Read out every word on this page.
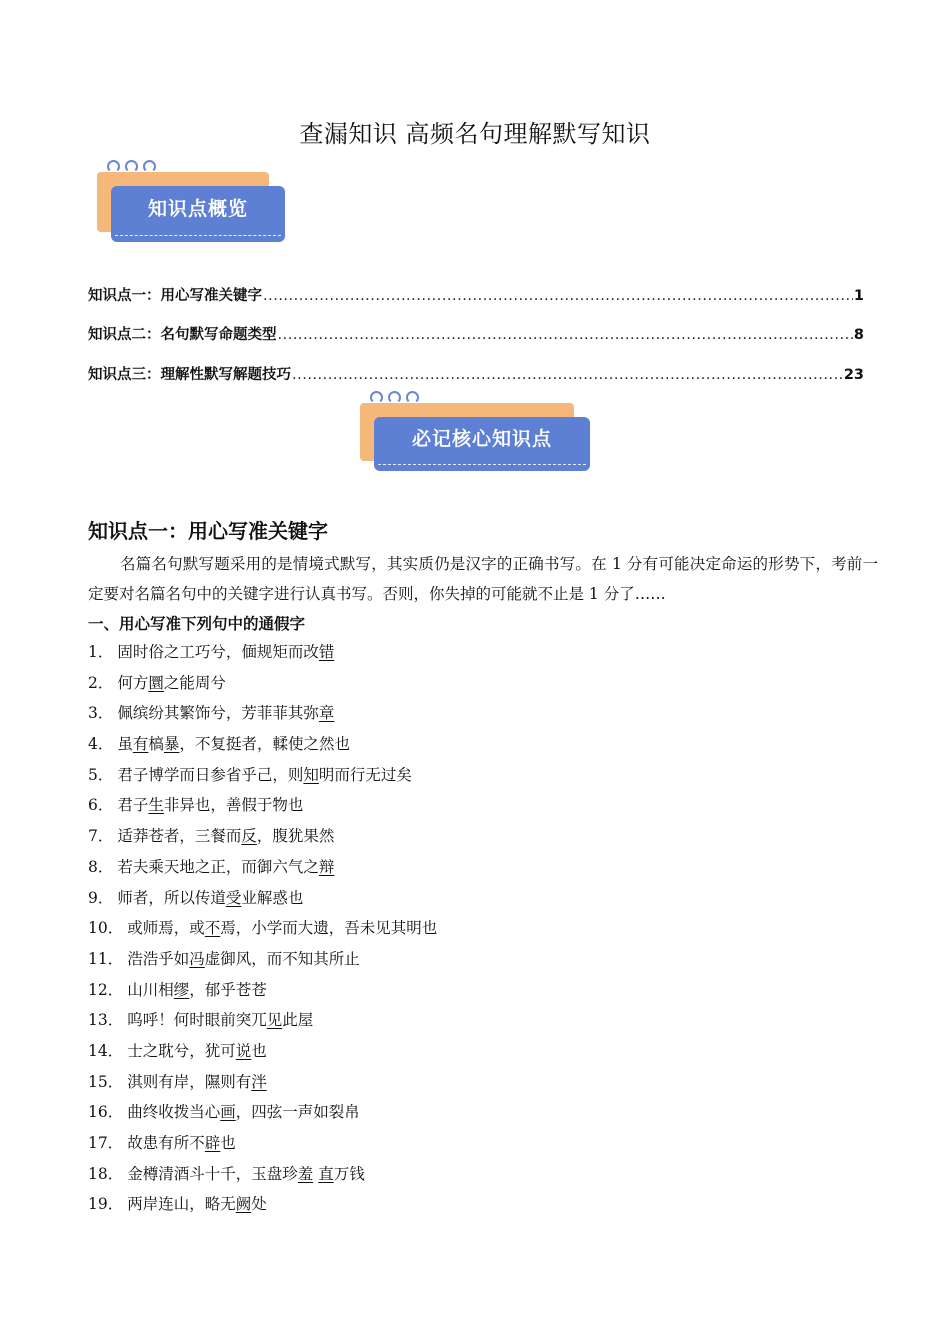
查漏知识 高频名句理解默写知识
知识点概览
知识点一：用心写准关键字 .....	1
知识点二：名句默写命题类型 .....	8
知识点三：理解性默写解题技巧 .....	23
必记核心知识点
知识点一：用心写准关键字
名篇名句默写题采用的是情境式默写，其实质仍是汉字的正确书写。在 1 分有可能决定命运的形势下，考前一定要对名篇名句中的关键字进行认真书写。否则，你失掉的可能就不止是 1 分了……
一、用心写准下列句中的通假字
1． 固时俗之工巧兮，偭规矩而改错
2． 何方圜之能周兮
3． 佩缤纷其繁饰兮，芳菲菲其弥章
4． 虽有槁暴，不复挺者，輮使之然也
5． 君子博学而日参省乎己，则知明而行无过矣
6． 君子生非异也，善假于物也
7． 适莽苍者，三餐而反，腹犹果然
8． 若夫乘天地之正，而御六气之辩
9． 师者，所以传道受业解惑也
10． 或师焉，或不焉，小学而大遗，吾未见其明也
11． 浩浩乎如冯虚御风，而不知其所止
12． 山川相缪，郁乎苍苍
13． 呜呼！何时眼前突兀见此屋
14． 士之耽兮，犹可说也
15． 淇则有岸，隰则有泮
16． 曲终收拨当心画，四弦一声如裂帛
17． 故患有所不辟也
18． 金樽清酒斗十千，玉盘珍羞 直万钱
19． 两岸连山，略无阙处
